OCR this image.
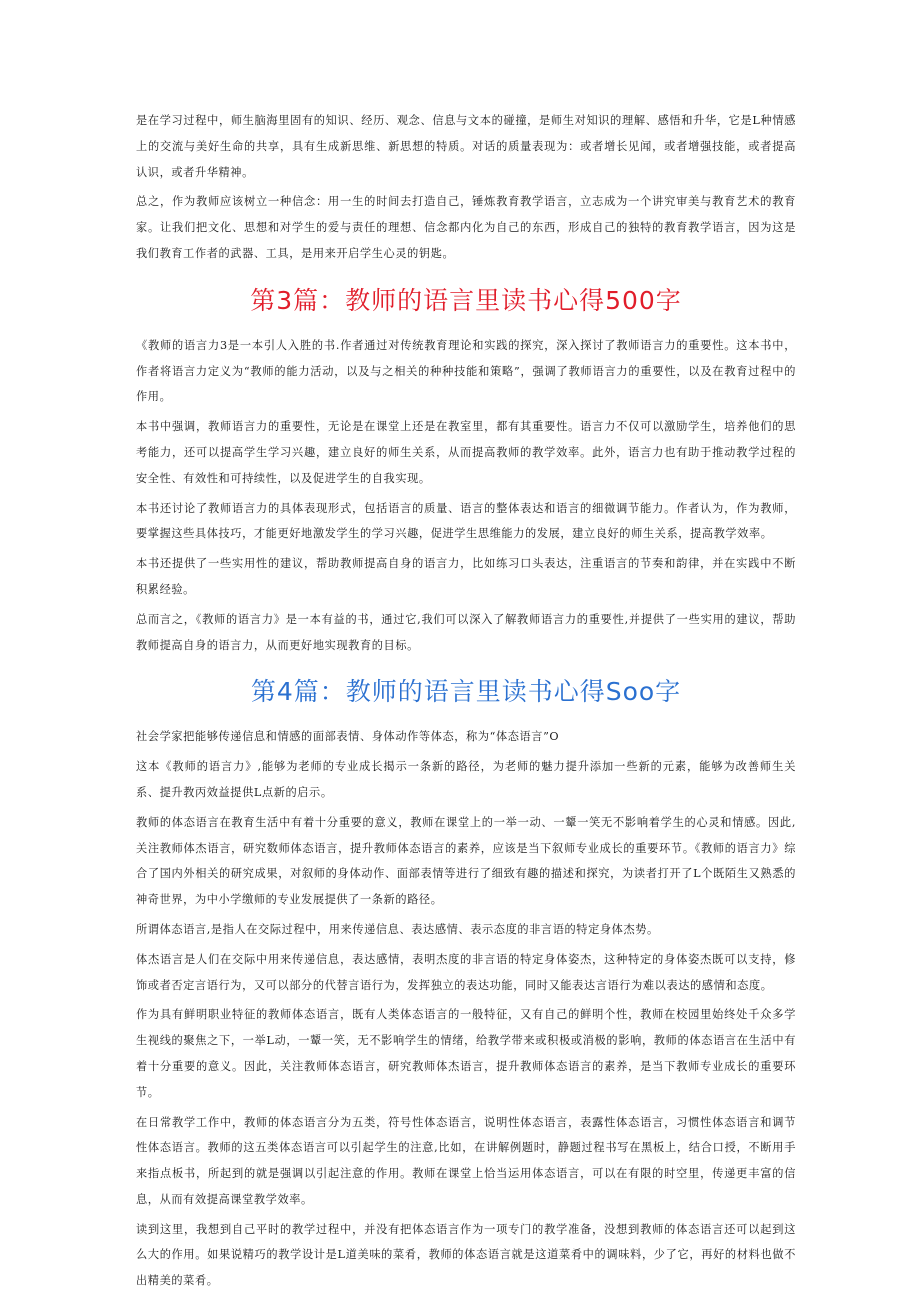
是在学习过程中，师生脑海里固有的知识、经历、观念、信息与文本的碰撞，是师生对知识的理解、感悟和升华，它是L种情感上的交流与美好生命的共享，具有生成新思维、新思想的特质。对话的质量表现为：或者增长见闻，或者增强技能，或者提高认识，或者升华精神。

总之，作为教师应该树立一种信念：用一生的时间去打造自己，锤炼教育教学语言，立志成为一个讲究审美与教育艺术的教育家。让我们把文化、思想和对学生的爱与责任的理想、信念都内化为自己的东西，形成自己的独特的教育教学语言，因为这是我们教育工作者的武器、工具，是用来开启学生心灵的钥匙。

第3篇：教师的语言里读书心得500字

《教师的语言力3是一本引人入胜的书.作者通过对传统教育理论和实践的探究，深入探讨了教师语言力的重要性。这本书中，作者将语言力定义为“教师的能力活动，以及与之相关的种种技能和策略”，强调了教师语言力的重要性，以及在教育过程中的作用。

本书中强调，教师语言力的重要性，无论是在课堂上还是在教室里，都有其重要性。语言力不仅可以激励学生，培养他们的思考能力，还可以提高学生学习兴趣，建立良好的师生关系，从而提高教师的教学效率。此外，语言力也有助于推动教学过程的安全性、有效性和可持续性，以及促进学生的自我实现。

本书还讨论了教师语言力的具体表现形式，包括语言的质量、语言的整体表达和语言的细微调节能力。作者认为，作为教师，要掌握这些具体技巧，才能更好地激发学生的学习兴趣，促进学生思维能力的发展，建立良好的师生关系，提高教学效率。

本书还提供了一些实用性的建议，帮助教师提高自身的语言力，比如练习口头表达，注重语言的节奏和韵律，并在实践中不断积累经验。

总而言之，《教师的语言力》是一本有益的书，通过它,我们可以深入了解教师语言力的重要性,并提供了一些实用的建议，帮助教师提高自身的语言力，从而更好地实现教育的目标。

第4篇：教师的语言里读书心得Soo字

社会学家把能够传递信息和情感的面部表情、身体动作等体态，称为“体态语言”O

这本《教师的语言力》,能够为老师的专业成长揭示一条新的路径，为老师的魅力提升添加一些新的元素，能够为改善师生关系、提升教丙效益提供L点新的启示。

教师的体态语言在教育生活中有着十分重要的意义，教师在课堂上的一举一动、一颦一笑无不影响着学生的心灵和情感。因此,关注教师体杰语言，研究数师体态语言，提升教师体态语言的素养，应该是当下叙师专业成长的重要环节。《教师的语言力》综合了国内外相关的研究成果，对叙师的身体动作、面部表情等进行了细致有趣的描述和探究，为读者打开了L个既陌生又熟悉的神奇世界，为中小学缴师的专业发展提供了一条新的路径。

所谓体态语言,是指人在交际过程中，用来传递信息、表达感情、表示态度的非言语的特定身体杰势。

体杰语言是人们在交际中用来传递信息，表达感情，表明杰度的非言语的特定身体姿杰，这种特定的身体姿杰既可以支持，修饰或者否定言语行为，又可以部分的代替言语行为，发挥独立的表达功能，同时又能表达言语行为难以表达的感情和态度。

作为具有鲜明职业特征的教师体态语言，既有人类体态语言的一般特征，又有自己的鲜明个性，教师在校园里始终处千众多学生视线的聚焦之下，一举L动，一颦一笑，无不影响学生的情绪，给教学带来或积极或消极的影响，教师的体态语言在生活中有着十分重要的意义。因此，关注教师体态语言，研究教师体杰语言，提升教师体态语言的素养，是当下教师专业成长的重要环节。

在日常教学工作中，教师的体态语言分为五类，符号性体态语言，说明性体态语言，表露性体态语言，习惯性体态语言和调节性体态语言。教师的这五类体态语言可以引起学生的注意,比如，在讲解例题时，静题过程书写在黑板上，结合口授，不断用手来指点板书，所起到的就是强调以引起注意的作用。教师在课堂上恰当运用体态语言，可以在有限的时空里，传递更丰富的信息，从而有效提高课堂教学效率。

读到这里，我想到自己平时的教学过程中，并没有把体态语言作为一项专门的教学准备，没想到教师的体态语言还可以起到这么大的作用。如果说精巧的教学设计是L道美味的菜肴，教师的体态语言就是这道菜肴中的调味料，少了它，再好的材料也做不出精美的菜肴。
